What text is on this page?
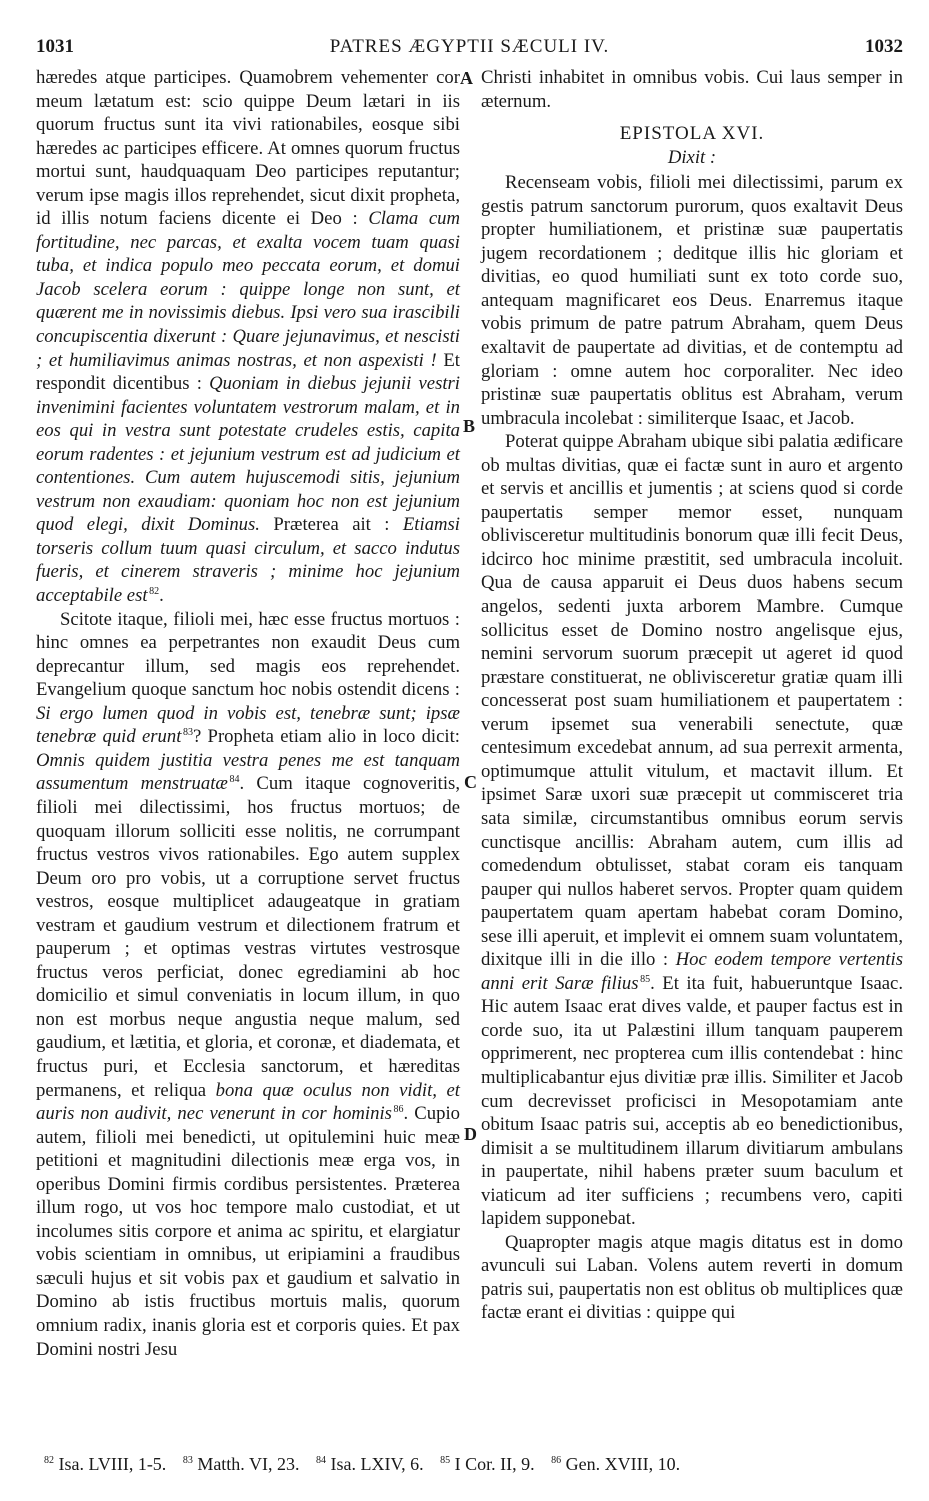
1031	PATRES ÆGYPTII SÆCULI IV.	1032
A
B
C
D

hæredes atque participes. Quamobrem vehementer cor meum lætatum est: scio quippe Deum lætari in iis quorum fructus sunt ita vivi rationabiles, eosque sibi hæredes ac participes efficere. At omnes quorum fructus mortui sunt, haudquaquam Deo participes reputantur; verum ipse magis illos reprehendet, sicut dixit propheta, id illis notum faciens dicente ei Deo : Clama cum fortitudine, nec parcas, et exalta vocem tuam quasi tuba, et indica populo meo peccata eorum, et domui Jacob scelera eorum : quippe longe non sunt, et quærent me in novissimis diebus. Ipsi vero sua irascibili concupiscentia dixerunt : Quare jejunavimus, et nescisti ; et humiliavimus animas nostras, et non aspexisti ! Et respondit dicentibus : Quoniam in diebus jejunii vestri invenimini facientes voluntatem vestrorum malam, et in eos qui in vestra sunt potestate crudeles estis, capita eorum radentes : et jejunium vestrum est ad judicium et contentiones. Cum autem hujuscemodi sitis, jejunium vestrum non exaudiam: quoniam hoc non est jejunium quod elegi, dixit Dominus. Præterea ait : Etiamsi torseris collum tuum quasi circulum, et sacco indutus fueris, et cinerem straveris ; minime hoc jejunium acceptabile est  $^{82}$.

Scitote itaque, filioli mei, hæc esse fructus mortuos : hinc omnes ea perpetrantes non exaudit Deus cum deprecantur illum, sed magis eos reprehendet. Evangelium quoque sanctum hoc nobis ostendit dicens : Si ergo lumen quod in vobis est, tenebræ sunt; ipsæ tenebræ quid erunt  $^{83}$? Propheta etiam alio in loco dicit: Omnis quidem justitia vestra penes me est tanquam assumentum menstruatæ  $^{84}$. Cum itaque cognoveritis, filioli mei dilectissimi, hos fructus mortuos; de quoquam illorum solliciti esse nolitis, ne corrumpant fructus vestros vivos rationabiles. Ego autem supplex Deum oro pro vobis, ut a corruptione servet fructus vestros, eosque multiplicet adaugeatque in gratiam vestram et gaudium vestrum et dilectionem fratrum et pauperum ; et optimas vestras virtutes vestrosque fructus veros perficiat, donec egrediamini ab hoc domicilio et simul conveniatis in locum illum, in quo non est morbus neque angustia neque malum, sed gaudium, et lætitia, et gloria, et coronæ, et diademata, et fructus puri, et Ecclesia sanctorum, et hæreditas permanens, et reliqua bona quæ oculus non vidit, et auris non audivit, nec venerunt in cor hominis  $^{86}$. Cupio autem, filioli mei benedicti, ut opitulemini huic meæ petitioni et magnitudini dilectionis meæ erga vos, in operibus Domini firmis cordibus persistentes. Præterea illum rogo, ut vos hoc tempore malo custodiat, et ut incolumes sitis corpore et anima ac spiritu, et elargiatur vobis scientiam in omnibus, ut eripiamini a fraudibus sæculi hujus et sit vobis pax et gaudium et salvatio in Domino ab istis fructibus mortuis malis, quorum omnium radix, inanis gloria est et corporis quies. Et pax Domini nostri Jesu

Christi inhabitet in omnibus vobis. Cui laus semper in æternum.

EPISTOLA XVI.

Dixit :

Recenseam vobis, filioli mei dilectissimi, parum ex gestis patrum sanctorum purorum, quos exaltavit Deus propter humiliationem, et pristinæ suæ paupertatis jugem recordationem ; deditque illis hic gloriam et divitias, eo quod humiliati sunt ex toto corde suo, antequam magnificaret eos Deus. Enarremus itaque vobis primum de patre patrum Abraham, quem Deus exaltavit de paupertate ad divitias, et de contemptu ad gloriam : omne autem hoc corporaliter. Nec ideo pristinæ suæ paupertatis oblitus est Abraham, verum umbracula incolebat : similiterque Isaac, et Jacob.

Poterat quippe Abraham ubique sibi palatia ædificare ob multas divitias, quæ ei factæ sunt in auro et argento et servis et ancillis et jumentis ; at sciens quod si corde paupertatis semper memor esset, nunquam oblivisceretur multitudinis bonorum quæ illi fecit Deus, idcirco hoc minime præstitit, sed umbracula incoluit. Qua de causa apparuit ei Deus duos habens secum angelos, sedenti juxta arborem Mambre. Cumque sollicitus esset de Domino nostro angelisque ejus, nemini servorum suorum præcepit ut ageret id quod præstare constituerat, ne oblivisceretur gratiæ quam illi concesserat post suam humiliationem et paupertatem : verum ipsemet sua venerabili senectute, quæ centesimum excedebat annum, ad sua perrexit armenta, optimumque attulit vitulum, et mactavit illum. Et ipsimet Saræ uxori suæ præcepit ut commisceret tria sata similæ, circumstantibus omnibus eorum servis cunctisque ancillis: Abraham autem, cum illis ad comedendum obtulisset, stabat coram eis tanquam pauper qui nullos haberet servos. Propter quam quidem paupertatem quam apertam habebat coram Domino, sese illi aperuit, et implevit ei omnem suam voluntatem, dixitque illi in die illo : Hoc eodem tempore vertentis anni erit Saræ filius  $^{85}$. Et ita fuit, habueruntque Isaac. Hic autem Isaac erat dives valde, et pauper factus est in corde suo, ita ut Palæstini illum tanquam pauperem opprimerent, nec propterea cum illis contendebat : hinc multiplicabantur ejus divitiæ præ illis. Similiter et Jacob cum decrevisset proficisci in Mesopotamiam ante obitum Isaac patris sui, acceptis ab eo benedictionibus, dimisit a se multitudinem illarum divitiarum ambulans in paupertate, nihil habens præter suum baculum et viaticum ad iter sufficiens ; recumbens vero, capiti lapidem supponebat.

Quapropter magis atque magis ditatus est in domo avunculi sui Laban. Volens autem reverti in domum patris sui, paupertatis non est oblitus ob multiplices quæ factæ erant ei divitias : quippe qui

$^{82}$ Isa. LVIII, 1-5. $^{83}$ Matth. VI, 23. $^{84}$ Isa. LXIV, 6. $^{85}$ I Cor. II, 9. $^{86}$ Gen. XVIII, 10.
